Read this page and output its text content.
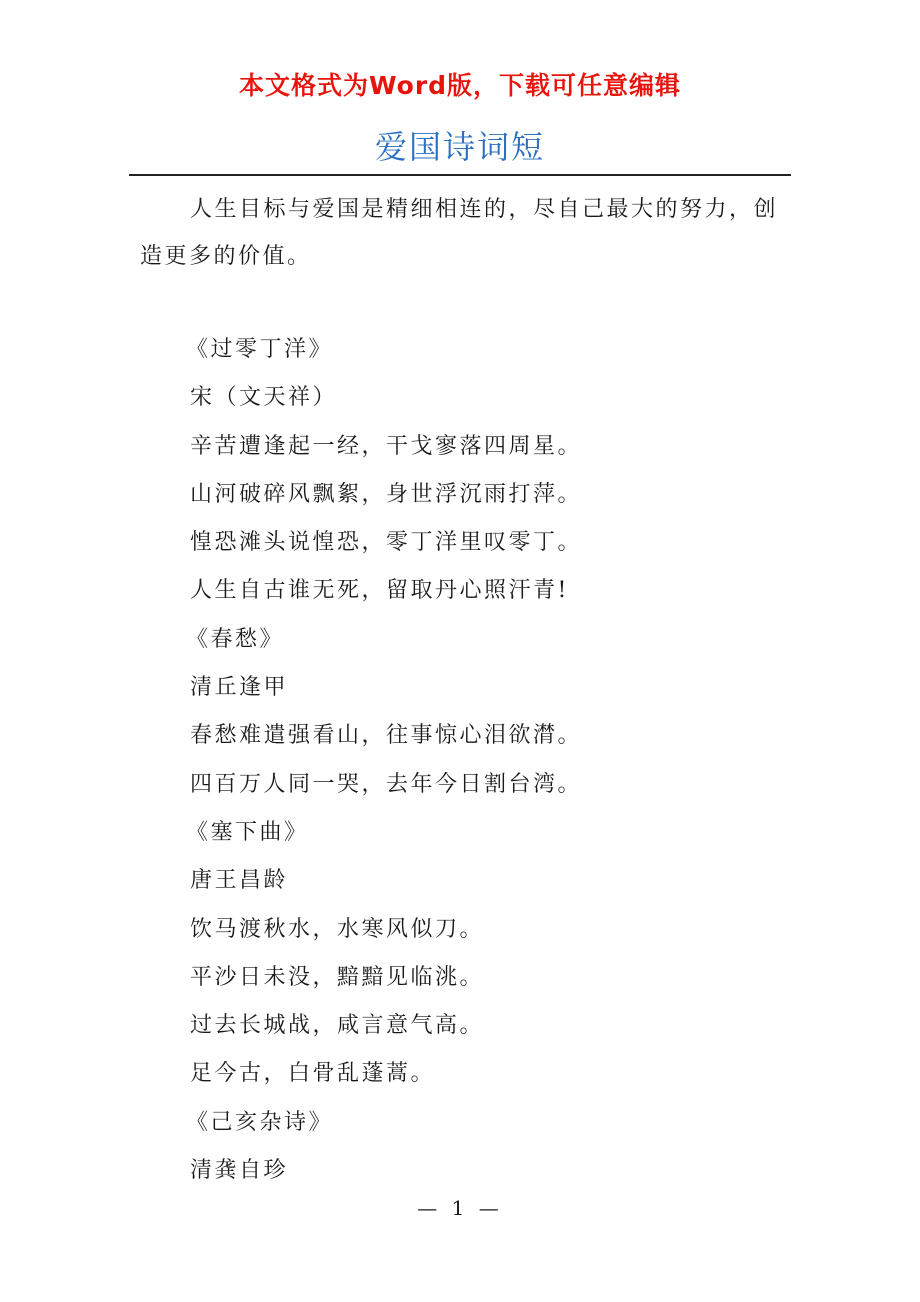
本文格式为Word版，下载可任意编辑
爱国诗词短

人生目标与爱国是精细相连的，尽自己最大的努力，创造更多的价值。

《过零丁洋》
宋（文天祥）
辛苦遭逢起一经，干戈寥落四周星。
山河破碎风飘絮，身世浮沉雨打萍。
惶恐滩头说惶恐，零丁洋里叹零丁。
人生自古谁无死，留取丹心照汗青!
《春愁》
清丘逢甲
春愁难遣强看山，往事惊心泪欲潸。
四百万人同一哭，去年今日割台湾。
《塞下曲》
唐王昌龄
饮马渡秋水，水寒风似刀。
平沙日未没，黯黯见临洮。
过去长城战，咸言意气高。
足今古，白骨乱蓬蒿。
《己亥杂诗》
清龚自珍
— 1 —
